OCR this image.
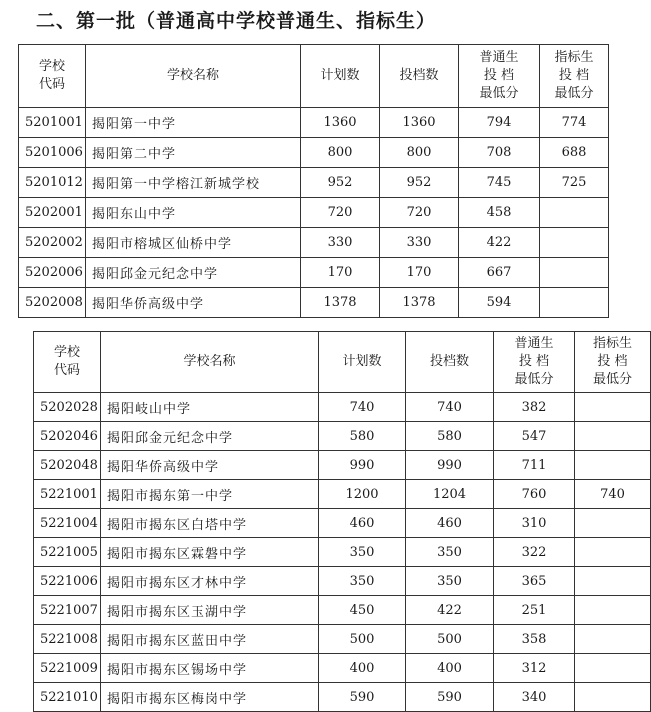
二、第一批（普通高中学校普通生、指标生）
学校
代码	学校名称	计划数	投档数	普通生
投 档
最低分	指标生
投 档
最低分

5201001	揭阳第一中学	1360	1360	794	774
5201006	揭阳第二中学	800	800	708	688
5201012	揭阳第一中学榕江新城学校	952	952	745	725
5202001	揭阳东山中学	720	720	458	
5202002	揭阳市榕城区仙桥中学	330	330	422	
5202006	揭阳邱金元纪念中学	170	170	667	
5202008	揭阳华侨高级中学	1378	1378	594	
学校
代码	学校名称	计划数	投档数	普通生
投 档
最低分	指标生
投 档
最低分

5202028	揭阳岐山中学	740	740	382	
5202046	揭阳邱金元纪念中学	580	580	547	
5202048	揭阳华侨高级中学	990	990	711	
5221001	揭阳市揭东第一中学	1200	1204	760	740
5221004	揭阳市揭东区白塔中学	460	460	310	
5221005	揭阳市揭东区霖磐中学	350	350	322	
5221006	揭阳市揭东区才林中学	350	350	365	
5221007	揭阳市揭东区玉湖中学	450	422	251	
5221008	揭阳市揭东区蓝田中学	500	500	358	
5221009	揭阳市揭东区锡场中学	400	400	312	
5221010	揭阳市揭东区梅岗中学	590	590	340	
